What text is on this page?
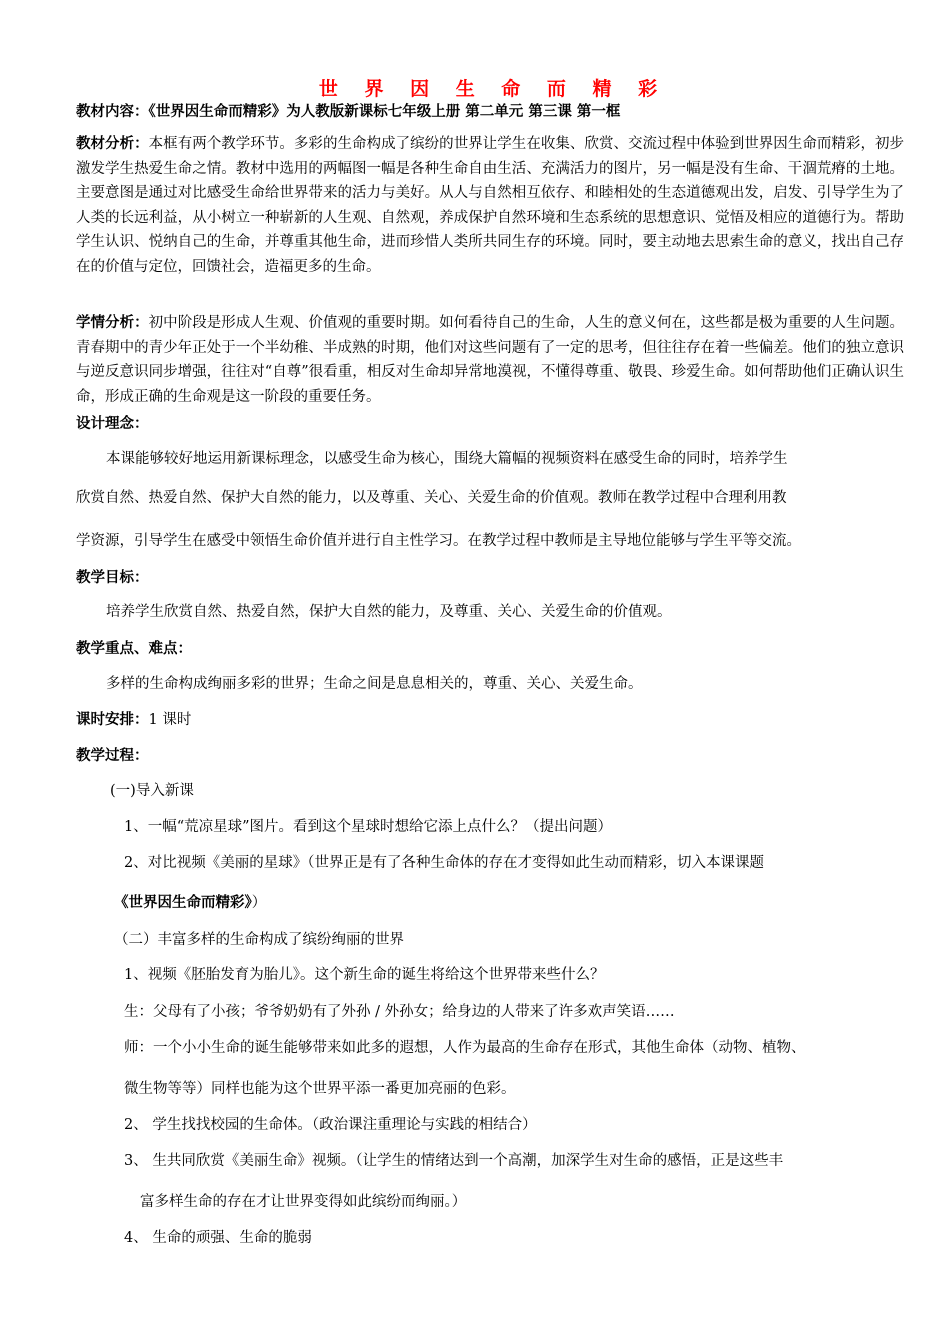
世 界 因 生 命 而 精 彩
教材内容：《世界因生命而精彩》为人教版新课标七年级上册 第二单元 第三课 第一框
教材分析：本框有两个教学环节。多彩的生命构成了缤纷的世界让学生在收集、欣赏、交流过程中体验到世界因生命而精彩，初步激发学生热爱生命之情。教材中选用的两幅图一幅是各种生命自由生活、充满活力的图片，另一幅是没有生命、干涸荒瘠的土地。主要意图是通过对比感受生命给世界带来的活力与美好。从人与自然相互依存、和睦相处的生态道德观出发，启发、引导学生为了人类的长远利益，从小树立一种崭新的人生观、自然观，养成保护自然环境和生态系统的思想意识、觉悟及相应的道德行为。帮助学生认识、悦纳自己的生命，并尊重其他生命，进而珍惜人类所共同生存的环境。同时，要主动地去思索生命的意义，找出自己存在的价值与定位，回馈社会，造福更多的生命。
学情分析：初中阶段是形成人生观、价值观的重要时期。如何看待自己的生命，人生的意义何在，这些都是极为重要的人生问题。青春期中的青少年正处于一个半幼稚、半成熟的时期，他们对这些问题有了一定的思考，但往往存在着一些偏差。他们的独立意识与逆反意识同步增强，往往对“自尊”很看重，相反对生命却异常地漠视，不懂得尊重、敬畏、珍爱生命。如何帮助他们正确认识生命，形成正确的生命观是这一阶段的重要任务。
设计理念：
本课能够较好地运用新课标理念，以感受生命为核心，围绕大篇幅的视频资料在感受生命的同时，培养学生
欣赏自然、热爱自然、保护大自然的能力，以及尊重、关心、关爱生命的价值观。教师在教学过程中合理利用教
学资源，引导学生在感受中领悟生命价值并进行自主性学习。在教学过程中教师是主导地位能够与学生平等交流。
教学目标：
培养学生欣赏自然、热爱自然，保护大自然的能力，及尊重、关心、关爱生命的价值观。
教学重点、难点：
多样的生命构成绚丽多彩的世界；生命之间是息息相关的，尊重、关心、关爱生命。
课时安排：1 课时
教学过程：
(一)导入新课
1、一幅“荒凉星球”图片。看到这个星球时想给它添上点什么？（提出问题）
2、对比视频《美丽的星球》（世界正是有了各种生命体的存在才变得如此生动而精彩，切入本课课题
《世界因生命而精彩》）
（二）丰富多样的生命构成了缤纷绚丽的世界
1、视频《胚胎发育为胎儿》。这个新生命的诞生将给这个世界带来些什么？
生：父母有了小孩；爷爷奶奶有了外孙 / 外孙女；给身边的人带来了许多欢声笑语……
师：一个小小生命的诞生能够带来如此多的遐想，人作为最高的生命存在形式，其他生命体（动物、植物、
微生物等等）同样也能为这个世界平添一番更加亮丽的色彩。
2、 学生找找校园的生命体。（政治课注重理论与实践的相结合）
3、 生共同欣赏《美丽生命》视频。（让学生的情绪达到一个高潮，加深学生对生命的感悟，正是这些丰
富多样生命的存在才让世界变得如此缤纷而绚丽。）
4、 生命的顽强、生命的脆弱
